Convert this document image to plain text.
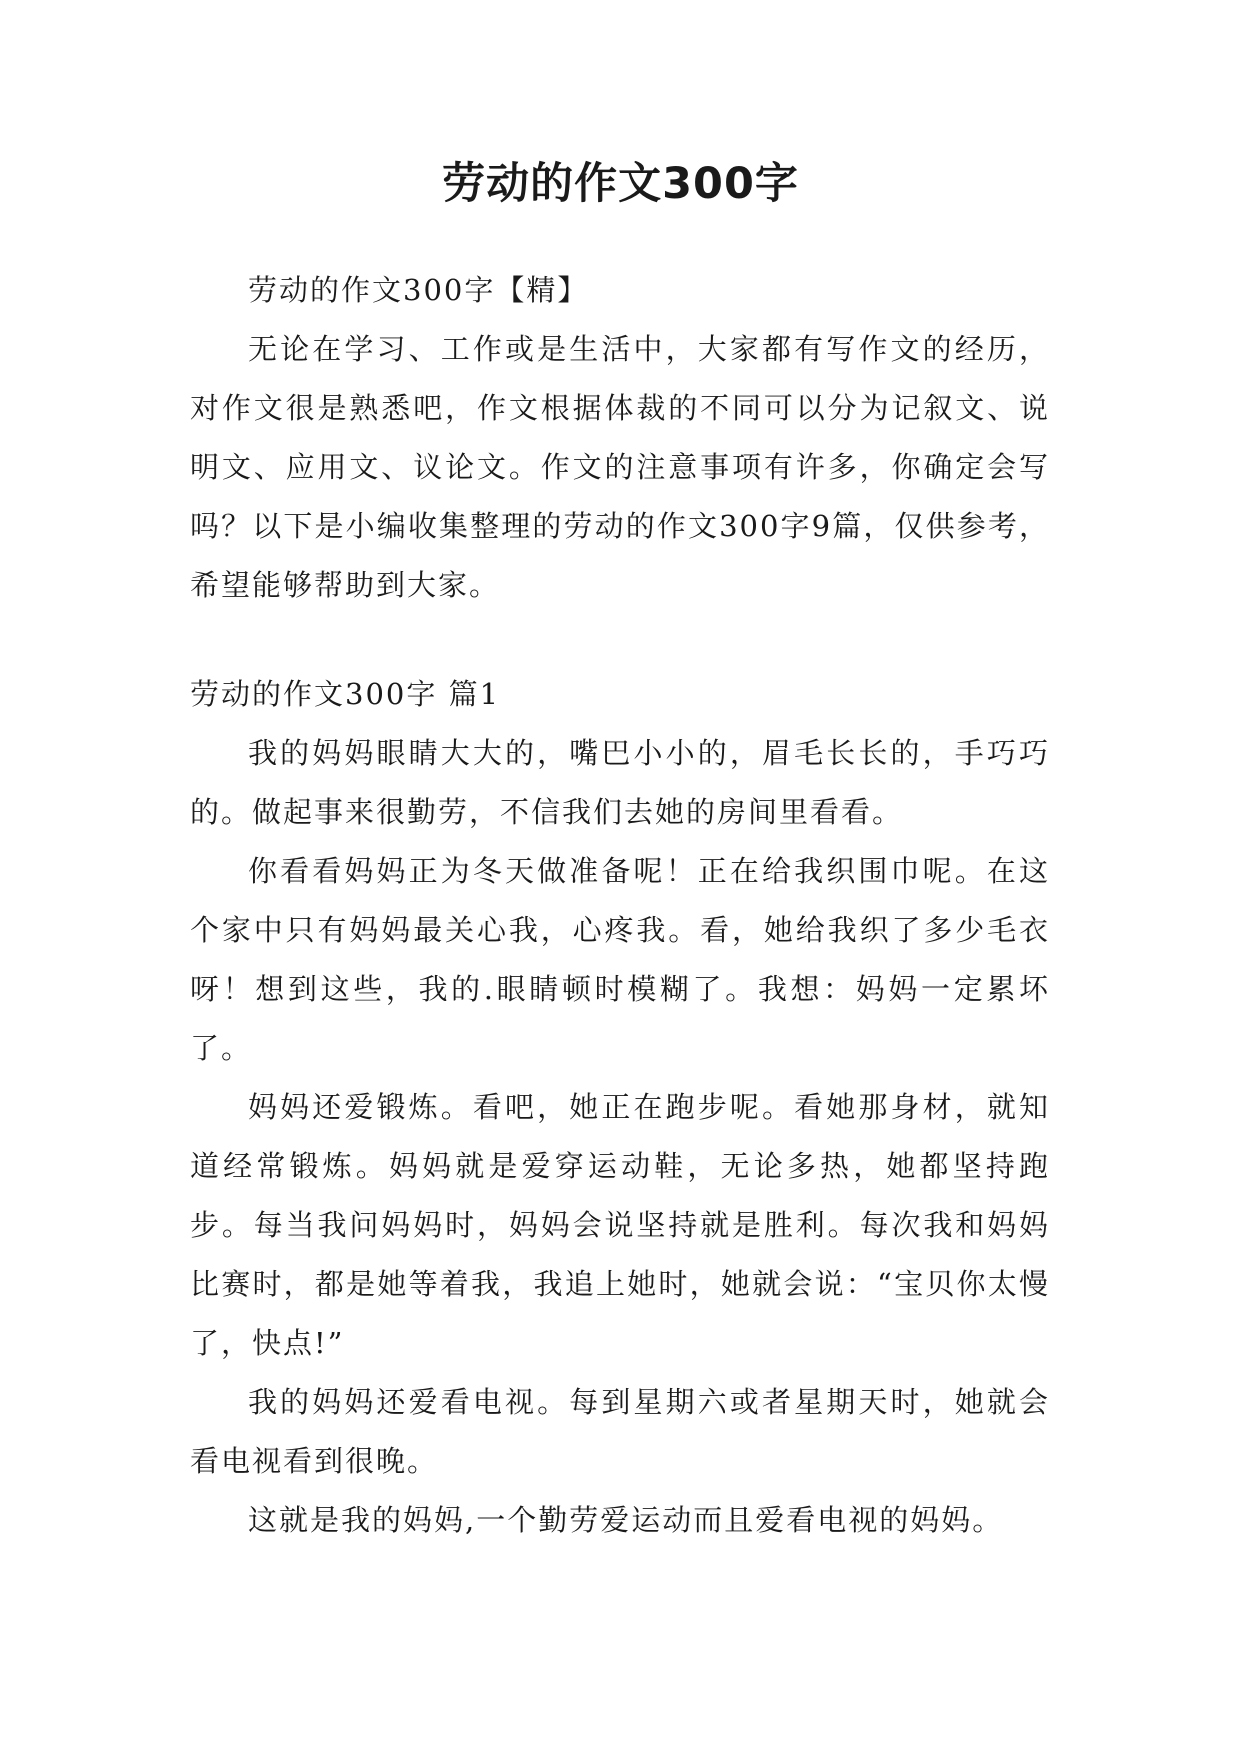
劳动的作文300字

劳动的作文300字【精】

无论在学习、工作或是生活中，大家都有写作文的经历，对作文很是熟悉吧，作文根据体裁的不同可以分为记叙文、说明文、应用文、议论文。作文的注意事项有许多，你确定会写吗？以下是小编收集整理的劳动的作文300字9篇，仅供参考，希望能够帮助到大家。

劳动的作文300字 篇1

我的妈妈眼睛大大的，嘴巴小小的，眉毛长长的，手巧巧的。做起事来很勤劳，不信我们去她的房间里看看。

你看看妈妈正为冬天做准备呢！正在给我织围巾呢。在这个家中只有妈妈最关心我，心疼我。看，她给我织了多少毛衣呀！想到这些，我的.眼睛顿时模糊了。我想：妈妈一定累坏了。

妈妈还爱锻炼。看吧，她正在跑步呢。看她那身材，就知道经常锻炼。妈妈就是爱穿运动鞋，无论多热，她都坚持跑步。每当我问妈妈时，妈妈会说坚持就是胜利。每次我和妈妈比赛时，都是她等着我，我追上她时，她就会说：“宝贝你太慢了，快点!”

我的妈妈还爱看电视。每到星期六或者星期天时，她就会看电视看到很晚。

这就是我的妈妈,一个勤劳爱运动而且爱看电视的妈妈。
